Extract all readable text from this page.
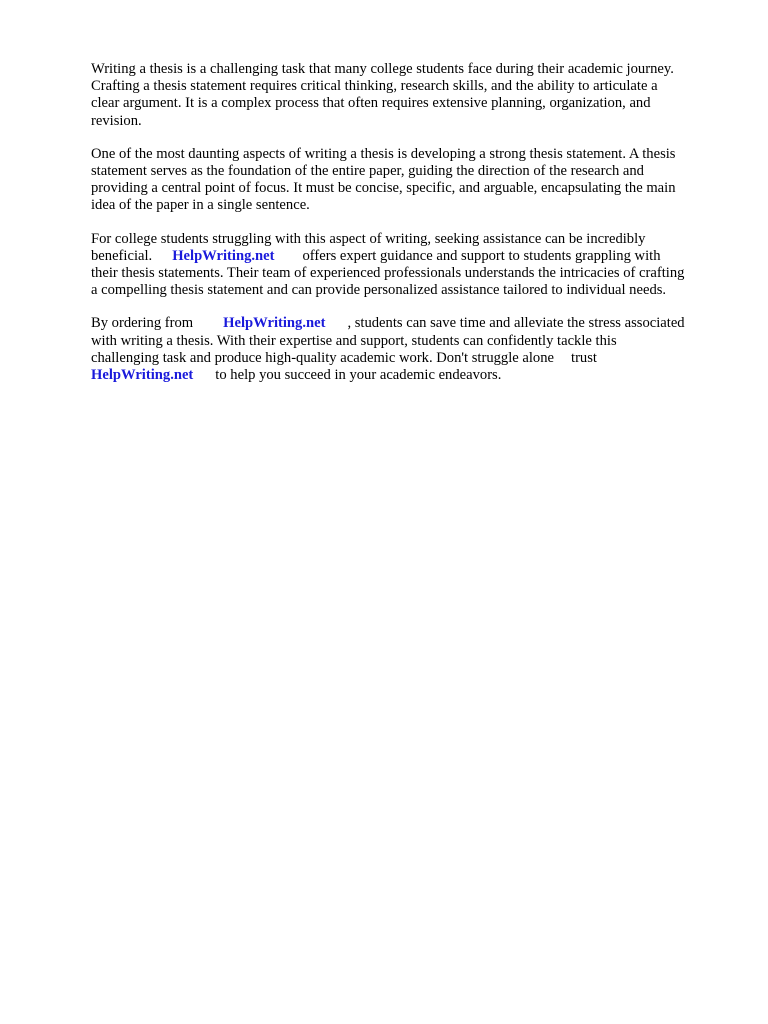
Writing a thesis is a challenging task that many college students face during their academic journey.
Crafting a thesis statement requires critical thinking, research skills, and the ability to articulate a
clear argument. It is a complex process that often requires extensive planning, organization, and
revision.

One of the most daunting aspects of writing a thesis is developing a strong thesis statement. A thesis
statement serves as the foundation of the entire paper, guiding the direction of the research and
providing a central point of focus. It must be concise, specific, and arguable, encapsulating the main
idea of the paper in a single sentence.

For college students struggling with this aspect of writing, seeking assistance can be incredibly
beneficial. HelpWriting.net offers expert guidance and support to students grappling with
their thesis statements. Their team of experienced professionals understands the intricacies of crafting
a compelling thesis statement and can provide personalized assistance tailored to individual needs.

By ordering from HelpWriting.net , students can save time and alleviate the stress associated
with writing a thesis. With their expertise and support, students can confidently tackle this
challenging task and produce high-quality academic work. Don't struggle alone trust
HelpWriting.net to help you succeed in your academic endeavors.
